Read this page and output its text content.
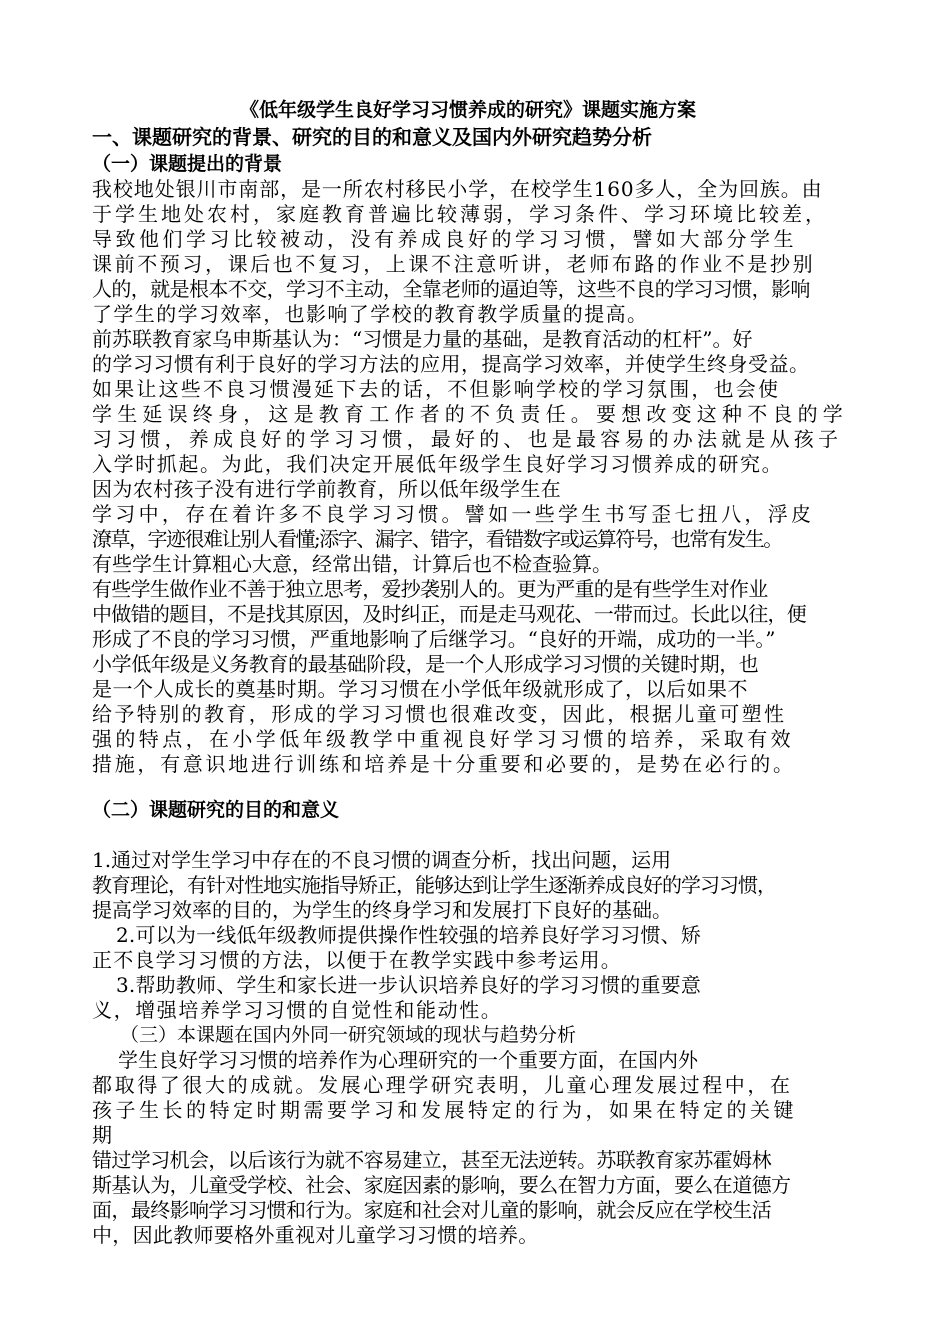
《低年级学生良好学习习惯养成的研究》课题实施方案
一、课题研究的背景、研究的目的和意义及国内外研究趋势分析
（一）课题提出的背景
我校地处银川市南部，是一所农村移民小学，在校学生160多人，全为回族。由
于学生地处农村，家庭教育普遍比较薄弱，学习条件、学习环境比较差，
导致他们学习比较被动，没有养成良好的学习习惯，譬如大部分学生
课前不预习，课后也不复习，上课不注意听讲，老师布路的作业不是抄别
人的，就是根本不交，学习不主动，全靠老师的逼迫等，这些不良的学习习惯，影响
了学生的学习效率，也影响了学校的教育教学质量的提高。
前苏联教育家乌申斯基认为：“习惯是力量的基础，是教育活动的杠杆”。好
的学习习惯有利于良好的学习方法的应用，提高学习效率，并使学生终身受益。
如果让这些不良习惯漫延下去的话，不但影响学校的学习氛围，也会使
学生延误终身，这是教育工作者的不负责任。要想改变这种不良的学
习习惯，养成良好的学习习惯，最好的、也是最容易的办法就是从孩子
入学时抓起。为此，我们决定开展低年级学生良好学习习惯养成的研究。
因为农村孩子没有进行学前教育，所以低年级学生在
学习中，存在着许多不良学习习惯。譬如一些学生书写歪七扭八，浮皮
潦草，字迹很难让别人看懂;添字、漏字、错字，看错数字或运算符号，也常有发生。
有些学生计算粗心大意，经常出错，计算后也不检查验算。
有些学生做作业不善于独立思考，爱抄袭别人的。更为严重的是有些学生对作业
中做错的题目，不是找其原因，及时纠正，而是走马观花、一带而过。长此以往，便
形成了不良的学习习惯，严重地影响了后继学习。“良好的开端，成功的一半。”
小学低年级是义务教育的最基础阶段，是一个人形成学习习惯的关键时期，也
是一个人成长的奠基时期。学习习惯在小学低年级就形成了，以后如果不
给予特别的教育，形成的学习习惯也很难改变，因此，根据儿童可塑性
强的特点，在小学低年级教学中重视良好学习习惯的培养，采取有效
措施，有意识地进行训练和培养是十分重要和必要的，是势在必行的。
（二）课题研究的目的和意义
1.通过对学生学习中存在的不良习惯的调查分析，找出问题，运用
教育理论，有针对性地实施指导矫正，能够达到让学生逐渐养成良好的学习习惯，
提高学习效率的目的，为学生的终身学习和发展打下良好的基础。
2.可以为一线低年级教师提供操作性较强的培养良好学习习惯、矫
正不良学习习惯的方法，以便于在教学实践中参考运用。
3.帮助教师、学生和家长进一步认识培养良好的学习习惯的重要意
义，增强培养学习习惯的自觉性和能动性。
（三）本课题在国内外同一研究领域的现状与趋势分析
学生良好学习习惯的培养作为心理研究的一个重要方面，在国内外
都取得了很大的成就。发展心理学研究表明，儿童心理发展过程中，在
孩子生长的特定时期需要学习和发展特定的行为，如果在特定的关键
期
错过学习机会，以后该行为就不容易建立，甚至无法逆转。苏联教育家苏霍姆林
斯基认为，儿童受学校、社会、家庭因素的影响，要么在智力方面，要么在道德方
面，最终影响学习习惯和行为。家庭和社会对儿童的影响，就会反应在学校生活
中，因此教师要格外重视对儿童学习习惯的培养。
